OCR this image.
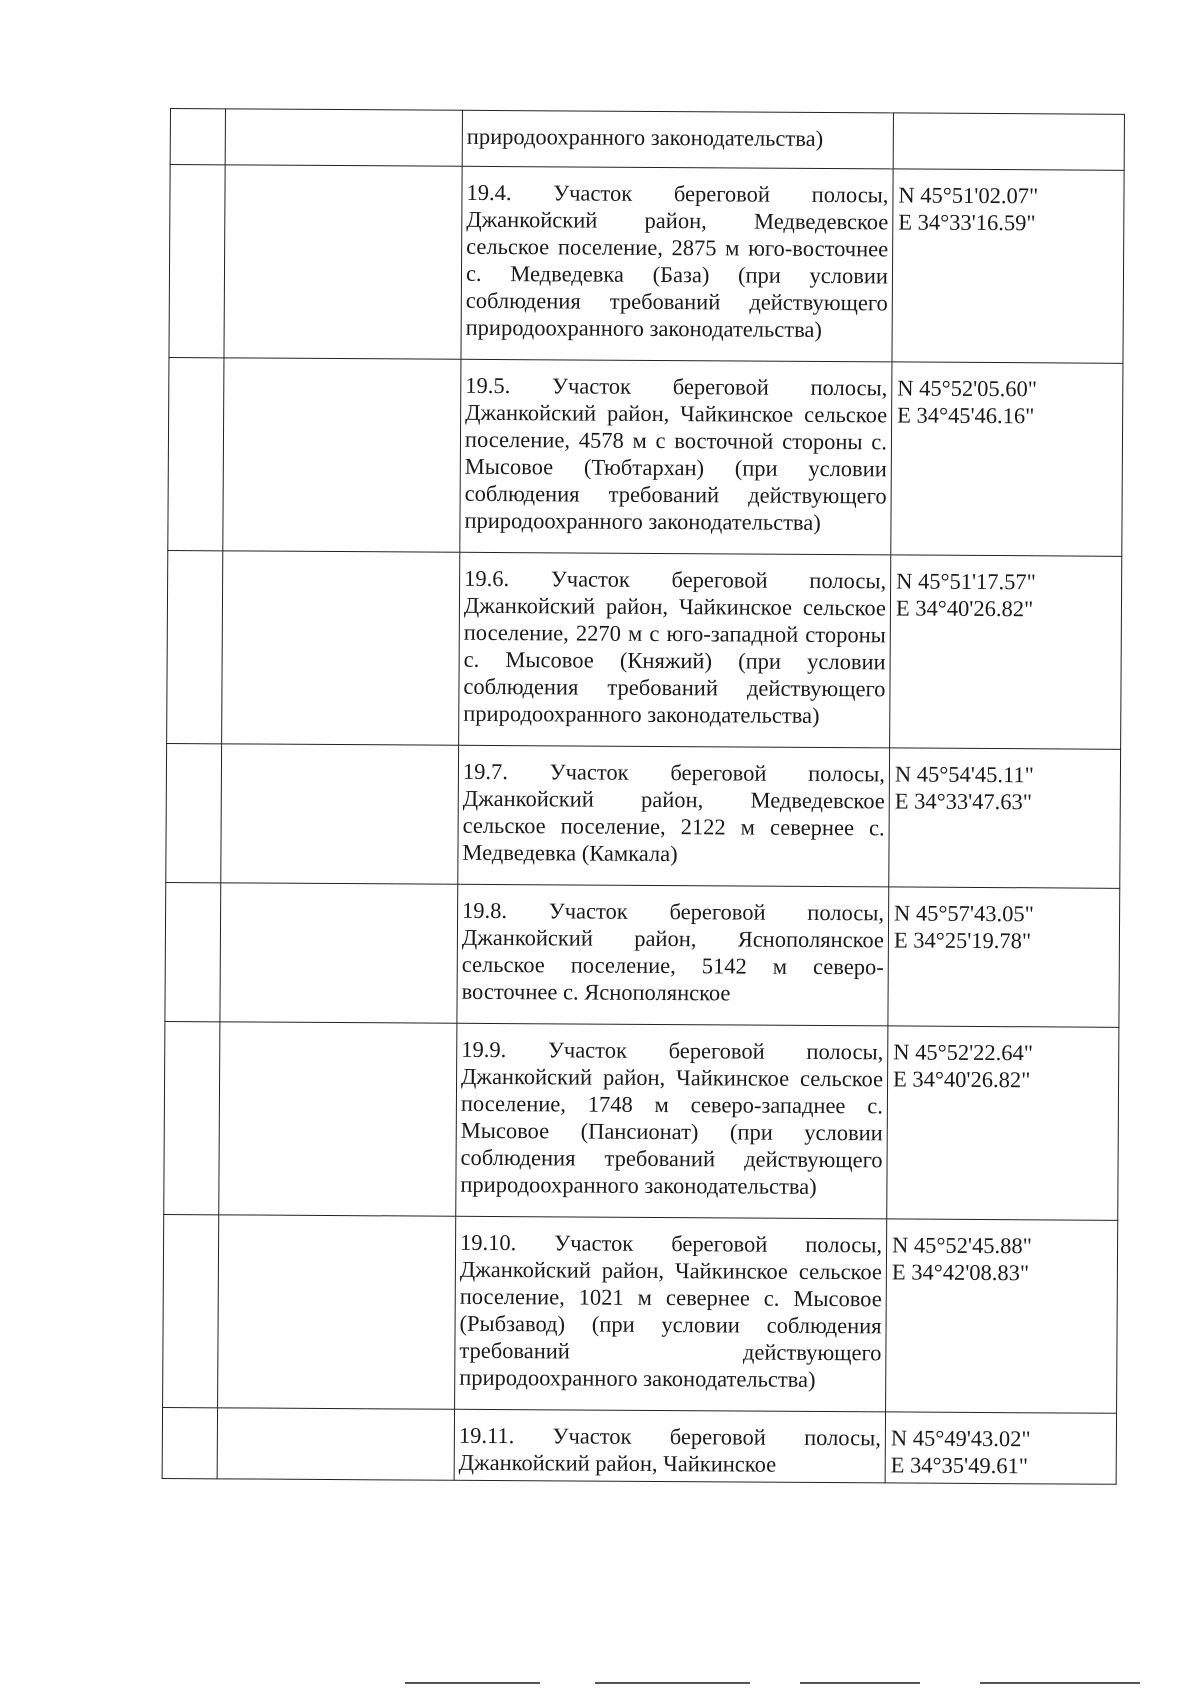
		природоохранного законодательства)	

		19.4. Участок береговой полосы, Джанкойский район, Медведевское сельское поселение, 2875 м юго-восточнее с. Медведевка (База) (при условии соблюдения требований действующего природоохранного законодательства)	N 45°51'02.07"
E 34°33'16.59"

		19.5. Участок береговой полосы, Джанкойский район, Чайкинское сельское поселение, 4578 м с восточной стороны с. Мысовое (Тюбтархан) (при условии соблюдения требований действующего природоохранного законодательства)	N 45°52'05.60"
E 34°45'46.16"

		19.6. Участок береговой полосы, Джанкойский район, Чайкинское сельское поселение, 2270 м с юго-западной стороны с. Мысовое (Княжий) (при условии соблюдения требований действующего природоохранного законодательства)	N 45°51'17.57"
E 34°40'26.82"

		19.7. Участок береговой полосы, Джанкойский район, Медведевское сельское поселение, 2122 м севернее с. Медведевка (Камкала)	N 45°54'45.11"
E 34°33'47.63"

		19.8. Участок береговой полосы, Джанкойский район, Яснополянское сельское поселение, 5142 м северо-восточнее с. Яснополянское	N 45°57'43.05"
E 34°25'19.78"

		19.9. Участок береговой полосы, Джанкойский район, Чайкинское сельское поселение, 1748 м северо-западнее с. Мысовое (Пансионат) (при условии соблюдения требований действующего природоохранного законодательства)	N 45°52'22.64"
E 34°40'26.82"

		19.10. Участок береговой полосы, Джанкойский район, Чайкинское сельское поселение, 1021 м севернее с. Мысовое (Рыбзавод) (при условии соблюдения требований действующего природоохранного законодательства)	N 45°52'45.88"
E 34°42'08.83"

		19.11. Участок береговой полосы, Джанкойский район, Чайкинское	N 45°49'43.02"
E 34°35'49.61"
